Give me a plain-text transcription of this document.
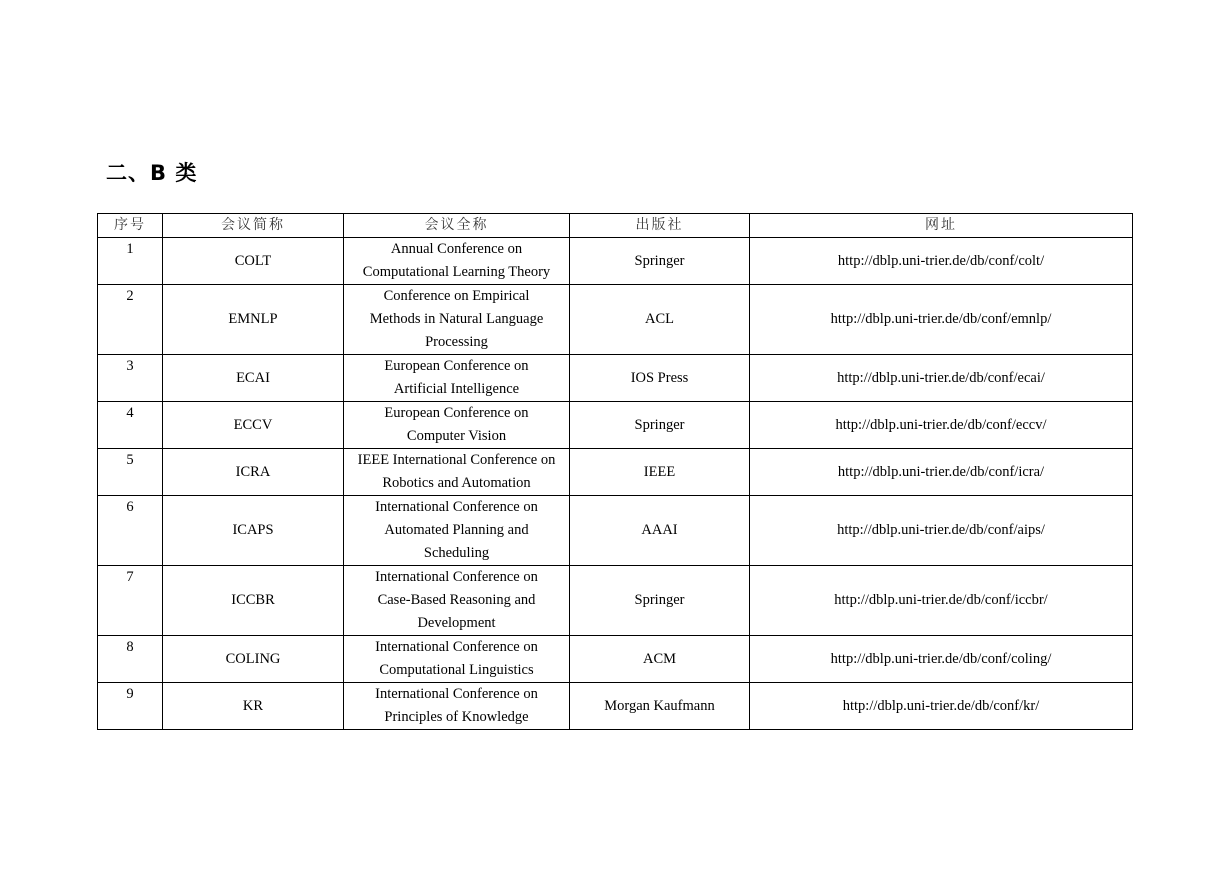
二、B 类
序号	会议简称	会议全称	出版社	网址
1	COLT	Annual Conference on
Computational Learning Theory	Springer	http://dblp.uni-trier.de/db/conf/colt/
2	EMNLP	Conference on Empirical
Methods in Natural Language
Processing	ACL	http://dblp.uni-trier.de/db/conf/emnlp/
3	ECAI	European Conference on
Artificial Intelligence	IOS Press	http://dblp.uni-trier.de/db/conf/ecai/
4	ECCV	European Conference on
Computer Vision	Springer	http://dblp.uni-trier.de/db/conf/eccv/
5	ICRA	IEEE International Conference on
Robotics and Automation	IEEE	http://dblp.uni-trier.de/db/conf/icra/
6	ICAPS	International Conference on
Automated Planning and
Scheduling	AAAI	http://dblp.uni-trier.de/db/conf/aips/
7	ICCBR	International Conference on
Case-Based Reasoning and
Development	Springer	http://dblp.uni-trier.de/db/conf/iccbr/
8	COLING	International Conference on
Computational Linguistics	ACM	http://dblp.uni-trier.de/db/conf/coling/
9	KR	International Conference on
Principles of Knowledge	Morgan Kaufmann	http://dblp.uni-trier.de/db/conf/kr/
